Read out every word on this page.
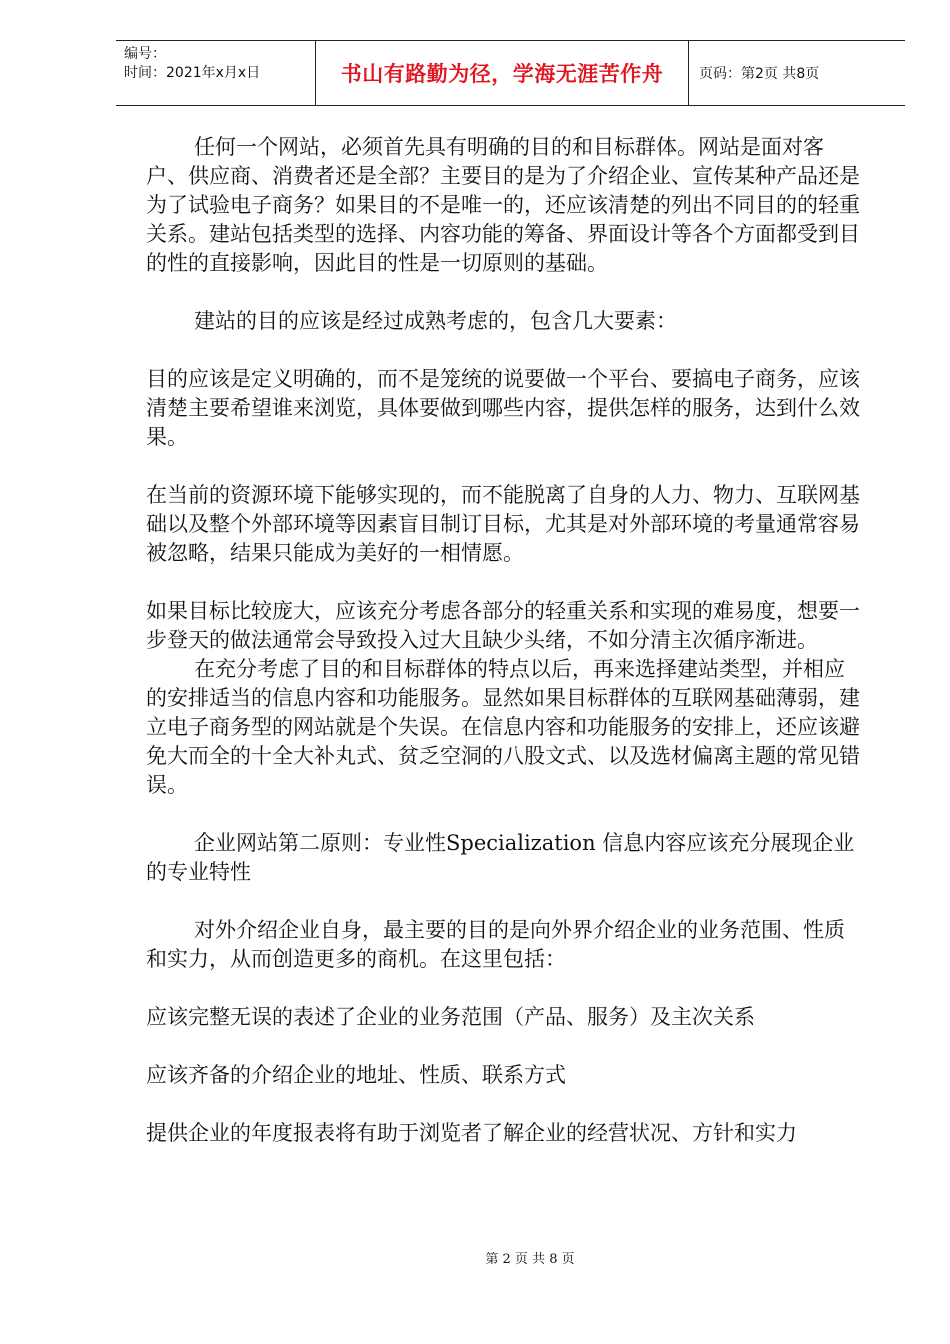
编号：
时间：2021年x月x日	书山有路勤为径，学海无涯苦作舟	页码：第2页 共8页

任何一个网站，必须首先具有明确的目的和目标群体。网站是面对客户、供应商、消费者还是全部？主要目的是为了介绍企业、宣传某种产品还是为了试验电子商务？如果目的不是唯一的，还应该清楚的列出不同目的的轻重关系。建站包括类型的选择、内容功能的筹备、界面设计等各个方面都受到目的性的直接影响，因此目的性是一切原则的基础。

建站的目的应该是经过成熟考虑的，包含几大要素：

目的应该是定义明确的，而不是笼统的说要做一个平台、要搞电子商务，应该清楚主要希望谁来浏览，具体要做到哪些内容，提供怎样的服务，达到什么效果。

在当前的资源环境下能够实现的，而不能脱离了自身的人力、物力、互联网基础以及整个外部环境等因素盲目制订目标，尤其是对外部环境的考量通常容易被忽略，结果只能成为美好的一相情愿。

如果目标比较庞大，应该充分考虑各部分的轻重关系和实现的难易度，想要一步登天的做法通常会导致投入过大且缺少头绪，不如分清主次循序渐进。

在充分考虑了目的和目标群体的特点以后，再来选择建站类型，并相应的安排适当的信息内容和功能服务。显然如果目标群体的互联网基础薄弱，建立电子商务型的网站就是个失误。在信息内容和功能服务的安排上，还应该避免大而全的十全大补丸式、贫乏空洞的八股文式、以及选材偏离主题的常见错误。

企业网站第二原则：专业性Specialization 信息内容应该充分展现企业的专业特性

对外介绍企业自身，最主要的目的是向外界介绍企业的业务范围、性质和实力，从而创造更多的商机。在这里包括：

应该完整无误的表述了企业的业务范围（产品、服务）及主次关系

应该齐备的介绍企业的地址、性质、联系方式

提供企业的年度报表将有助于浏览者了解企业的经营状况、方针和实力

第 2 页 共 8 页
